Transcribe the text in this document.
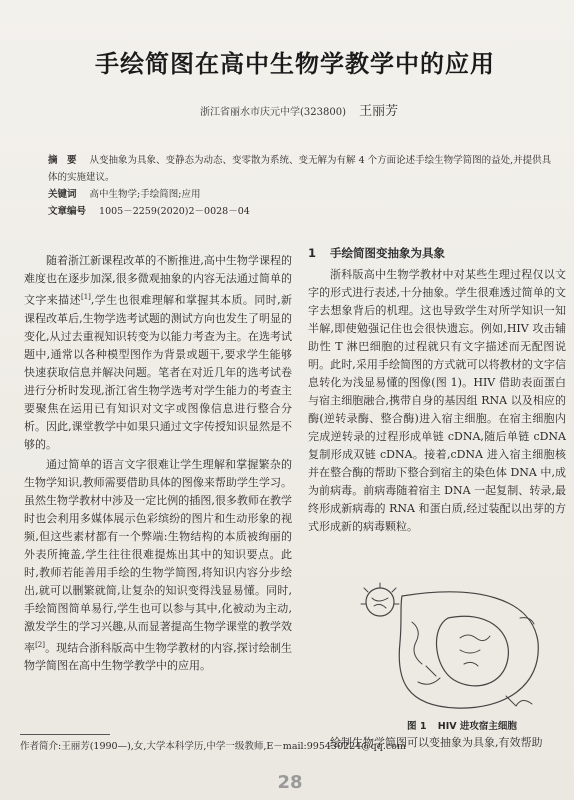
手绘简图在高中生物学教学中的应用
浙江省丽水市庆元中学(323800) 王丽芳
摘　要 从变抽象为具象、变静态为动态、变零散为系统、变无解为有解 4 个方面论述手绘生物学简图的益处,并提供具体的实施建议。
关键词 高中生物学;手绘简图;应用
文章编号 1005－2259(2020)2－0028－04

随着浙江新课程改革的不断推进,高中生物学课程的难度也在逐步加深,很多微观抽象的内容无法通过简单的文字来描述[1],学生也很难理解和掌握其本质。同时,新课程改革后,生物学选考试题的测试方向也发生了明显的变化,从过去重视知识转变为以能力考查为主。在选考试题中,通常以各种模型图作为背景或题干,要求学生能够快速获取信息并解决问题。笔者在对近几年的选考试卷进行分析时发现,浙江省生物学选考对学生能力的考查主要聚焦在运用已有知识对文字或图像信息进行整合分析。因此,课堂教学中如果只通过文字传授知识显然是不够的。

通过简单的语言文字很难让学生理解和掌握繁杂的生物学知识,教师需要借助具体的图像来帮助学生学习。虽然生物学教材中涉及一定比例的插图,很多教师在教学时也会利用多媒体展示色彩缤纷的图片和生动形象的视频,但这些素材都有一个弊端:生物结构的本质被绚丽的外表所掩盖,学生往往很难提炼出其中的知识要点。此时,教师若能善用手绘的生物学简图,将知识内容分步绘出,就可以删繁就简,让复杂的知识变得浅显易懂。同时,手绘简图简单易行,学生也可以参与其中,化被动为主动,激发学生的学习兴趣,从而显著提高生物学课堂的教学效率[2]。现结合浙科版高中生物学教材的内容,探讨绘制生物学简图在高中生物学教学中的应用。

1 手绘简图变抽象为具象

浙科版高中生物学教材中对某些生理过程仅以文字的形式进行表述,十分抽象。学生很难透过简单的文字去想象背后的机理。这也导致学生对所学知识一知半解,即使勉强记住也会很快遗忘。例如,HIV 攻击辅助性 T 淋巴细胞的过程就只有文字描述而无配图说明。此时,采用手绘简图的方式就可以将教材的文字信息转化为浅显易懂的图像(图 1)。HIV 借助表面蛋白与宿主细胞融合,携带自身的基因组 RNA 以及相应的酶(逆转录酶、整合酶)进入宿主细胞。在宿主细胞内完成逆转录的过程形成单链 cDNA,随后单链 cDNA 复制形成双链 cDNA。接着,cDNA 进入宿主细胞核并在整合酶的帮助下整合到宿主的染色体 DNA 中,成为前病毒。前病毒随着宿主 DNA 一起复制、转录,最终形成新病毒的 RNA 和蛋白质,经过装配以出芽的方式形成新的病毒颗粒。

图 1 HIV 进攻宿主细胞
绘制生物学简图可以变抽象为具象,有效帮助
作者简介:王丽芳(1990—),女,大学本科学历,中学一级教师,E－mail:995430224@qq.com
28
